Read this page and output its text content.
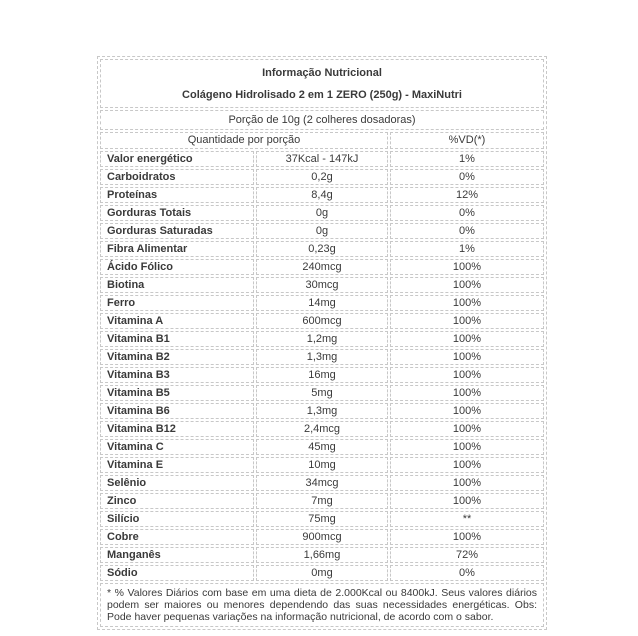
Informação Nutricional
Colágeno Hidrolisado 2 em 1 ZERO (250g) - MaxiNutri		

Porção de 10g (2 colheres dosadoras)		
Quantidade por porção		%VD(*)
Valor energético	37Kcal - 147kJ	1%
Carboidratos	0,2g	0%
Proteínas	8,4g	12%
Gorduras Totais	0g	0%
Gorduras Saturadas	0g	0%
Fibra Alimentar	0,23g	1%
Ácido Fólico	240mcg	100%
Biotina	30mcg	100%
Ferro	14mg	100%
Vitamina A	600mcg	100%
Vitamina B1	1,2mg	100%
Vitamina B2	1,3mg	100%
Vitamina B3	16mg	100%
Vitamina B5	5mg	100%
Vitamina B6	1,3mg	100%
Vitamina B12	2,4mcg	100%
Vitamina C	45mg	100%
Vitamina E	10mg	100%
Selênio	34mcg	100%
Zinco	7mg	100%
Silício	75mg	**
Cobre	900mcg	100%
Manganês	1,66mg	72%
Sódio	0mg	0%
* % Valores Diários com base em uma dieta de 2.000Kcal ou 8400kJ. Seus valores diários podem ser maiores ou menores dependendo das suas necessidades energéticas. Obs: Pode haver pequenas variações na informação nutricional, de acordo com o sabor.		
